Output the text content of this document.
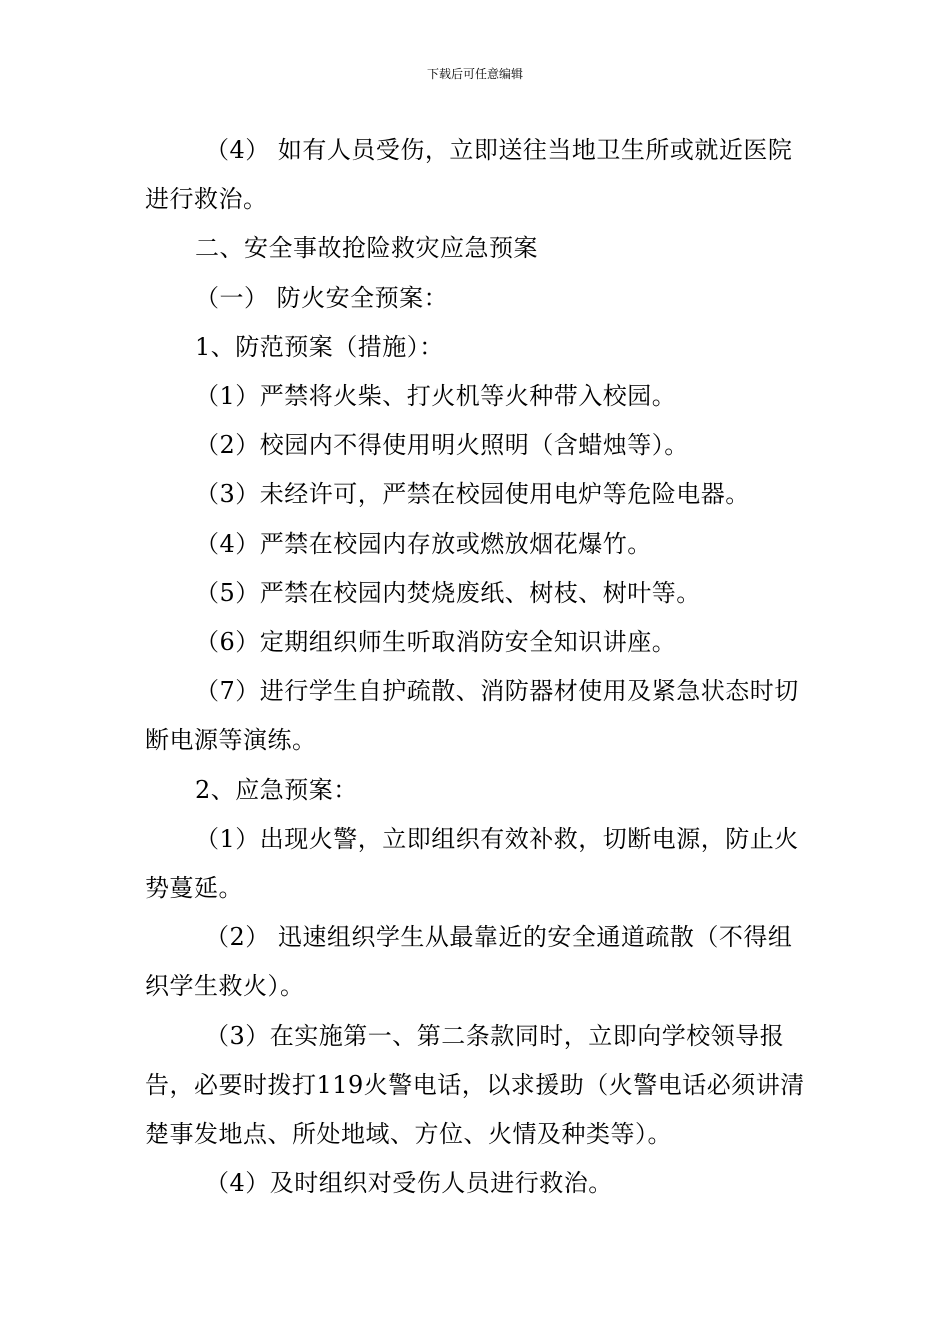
下载后可任意编辑

（4） 如有人员受伤，立即送往当地卫生所或就近医院进行救治。

二、安全事故抢险救灾应急预案

（一） 防火安全预案：

1、防范预案（措施）：

（1）严禁将火柴、打火机等火种带入校园。

（2）校园内不得使用明火照明（含蜡烛等）。

（3）未经许可，严禁在校园使用电炉等危险电器。

（4）严禁在校园内存放或燃放烟花爆竹。

（5）严禁在校园内焚烧废纸、树枝、树叶等。

（6）定期组织师生听取消防安全知识讲座。

（7）进行学生自护疏散、消防器材使用及紧急状态时切断电源等演练。

2、应急预案：

（1）出现火警，立即组织有效补救，切断电源，防止火势蔓延。

（2） 迅速组织学生从最靠近的安全通道疏散（不得组织学生救火）。

（3）在实施第一、第二条款同时，立即向学校领导报告，必要时拨打119火警电话，以求援助（火警电话必须讲清楚事发地点、所处地域、方位、火情及种类等）。

（4）及时组织对受伤人员进行救治。
